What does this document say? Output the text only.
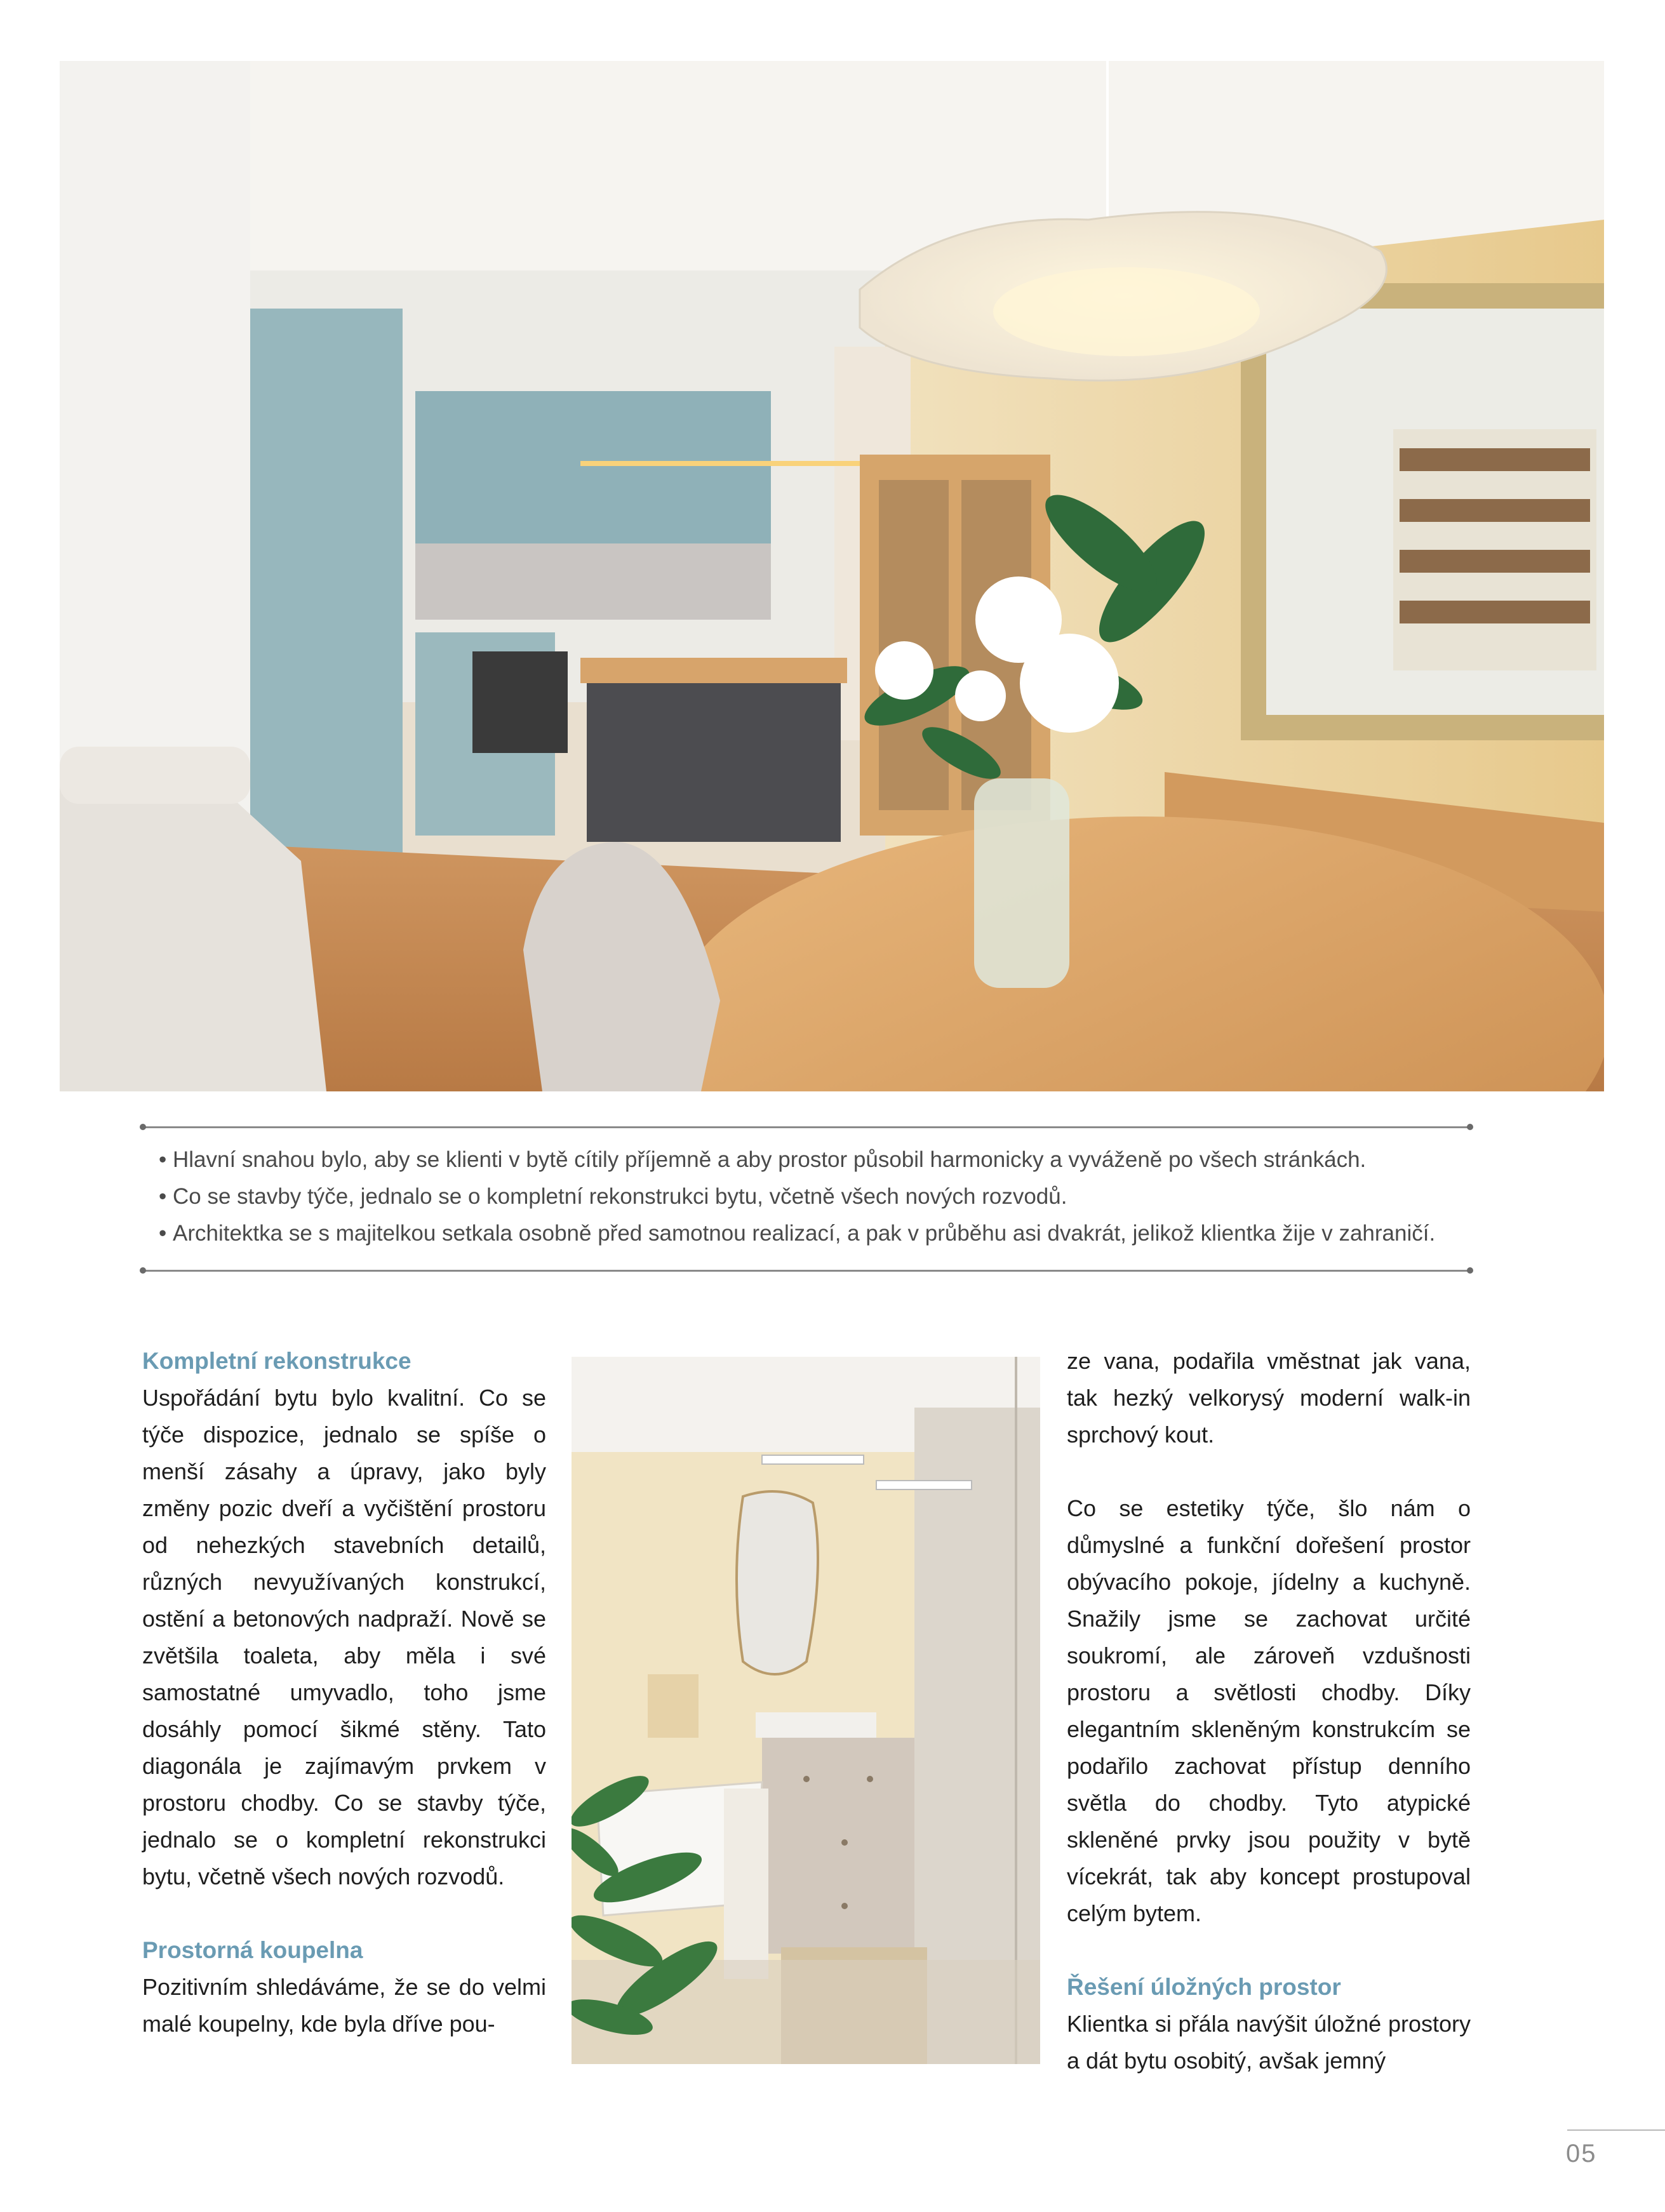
• Hlavní snahou bylo, aby se klienti v bytě cítily příjemně a aby prostor působil harmonicky a vyváženě po všech stránkách.
• Co se stavby týče, jednalo se o kompletní rekonstrukci bytu, včetně všech nových rozvodů.
• Architektka se s majitelkou setkala osobně před samotnou realizací, a pak v průběhu asi dvakrát, jelikož klientka žije v zahraničí.
Kompletní rekonstrukce

Uspořádání bytu bylo kvalitní. Co se týče dispozice, jednalo se spíše o menší zásahy a úpravy, jako byly změny pozic dveří a vyčištění prostoru od nehezkých stavebních detailů, různých nevyužívaných konstrukcí, ostění a betonových nadpraží. Nově se zvětšila toaleta, aby měla i své samostatné umyvadlo, toho jsme dosáhly pomocí šikmé stěny. Tato diagonála je zajímavým prvkem v prostoru chodby. Co se stavby týče, jednalo se o kompletní rekonstrukci bytu, včetně všech nových rozvodů.

Prostorná koupelna

Pozitivním shledáváme, že se do velmi malé koupelny, kde byla dříve pou-

ze vana, podařila vměstnat jak vana, tak hezký velkorysý moderní walk-in sprchový kout.

Co se estetiky týče, šlo nám o důmyslné a funkční dořešení prostor obývacího pokoje, jídelny a kuchyně. Snažily jsme se zachovat určité soukromí, ale zároveň vzdušnosti prostoru a světlosti chodby. Díky elegantním skleněným konstrukcím se podařilo zachovat přístup denního světla do chodby. Tyto atypické skleněné prvky jsou použity v bytě vícekrát, tak aby koncept prostupoval celým bytem.

Řešení úložných prostor

Klientka si přála navýšit úložné prostory a dát bytu osobitý, avšak jemný

05
